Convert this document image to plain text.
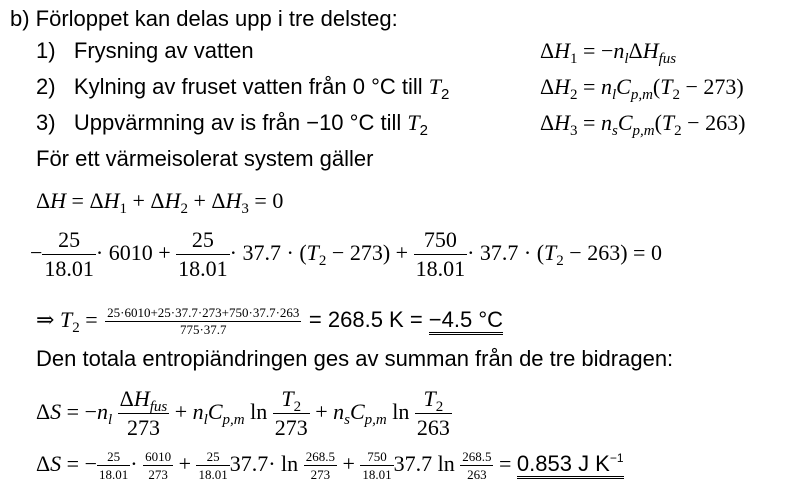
b) Förloppet kan delas upp i tre delsteg:
1) Frysning av vatten	$\Delta H_1 = -n_l\Delta H_{fus}$
2) Kylning av fruset vatten från 0 °C till $T_2$	$\Delta H_2 = n_lC_{p,m}(T_2 - 273)$
3) Uppvärmning av is från −10 °C till $T_2$	$\Delta H_3 = n_sC_{p,m}(T_2 - 263)$
För ett värmeisolerat system gäller
$\Delta H = \Delta H_1 + \Delta H_2 + \Delta H_3 = 0$
− $\frac{25}{18.01} \cdot 6010 + \frac{25}{18.01} \cdot 37.7 \cdot (T_2 - 273) + \frac{750}{18.01} \cdot 37.7 \cdot (T_2 - 263) = 0$
⇒ $T_2 = \frac{25\cdot 6010+25\cdot 37.7\cdot 273+750\cdot 37.7\cdot 263}{775\cdot 37.7} = 268.5$ K = −4.5 °C
Den totala entropiändringen ges av summan från de tre bidragen:
$\Delta S = -n_l \frac{\Delta H_{fus}}{273} + n_lC_{p,m}$ $\ln \frac{T_2}{273} + n_sC_{p,m}$ $\ln \frac{T_2}{263}$
ΔS = − $\frac{25}{18.01} \cdot \frac{6010}{273} + \frac{25}{18.01} 37.7\cdot \ln \frac{268.5}{273} + \frac{750}{18.01} 37.7$ $\ln \frac{268.5}{263} = 0.853$ J $K^{-1}$
